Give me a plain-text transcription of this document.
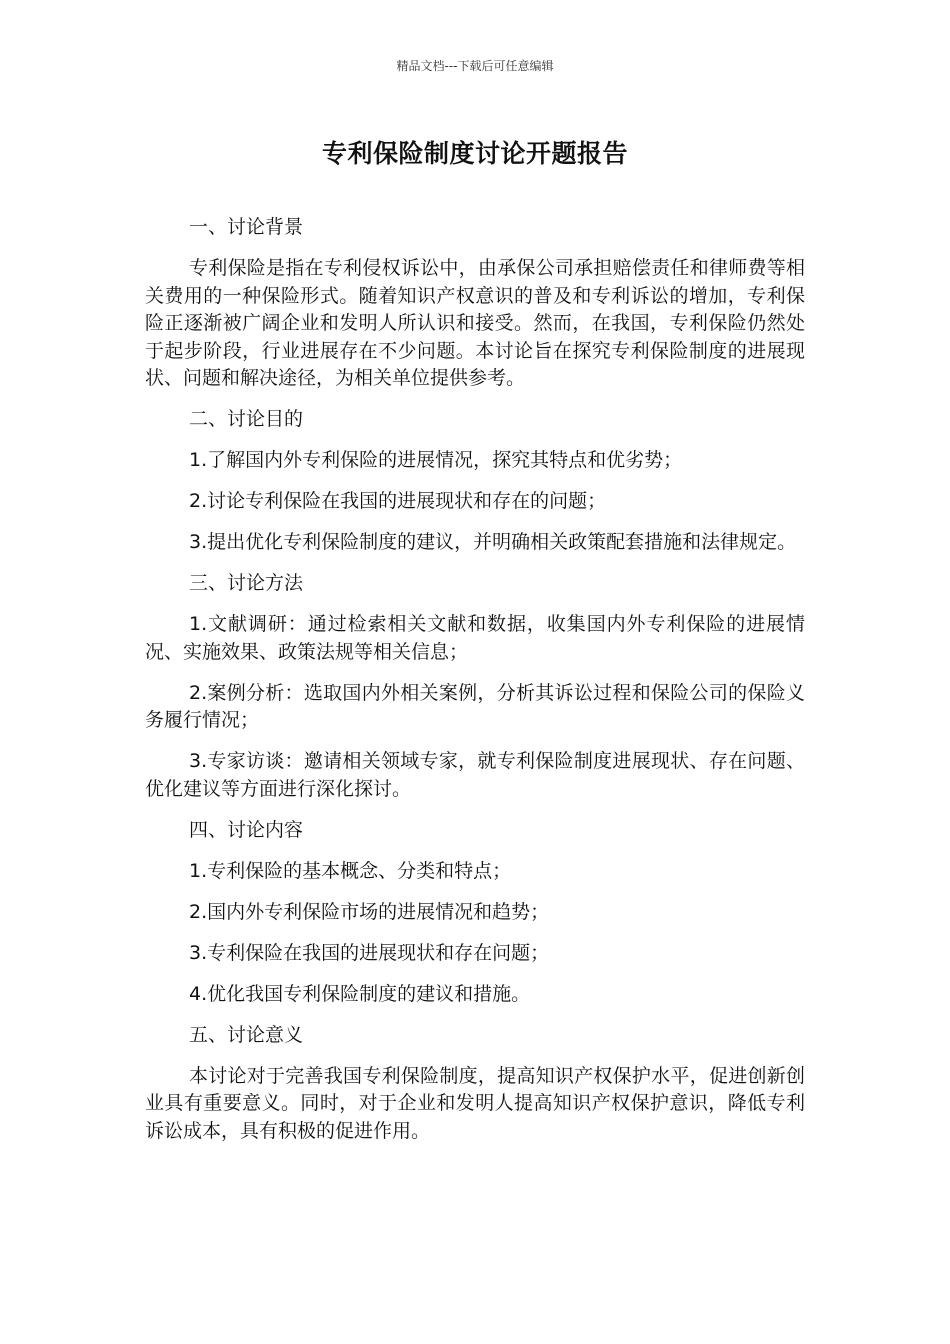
精品文档---下载后可任意编辑
专利保险制度讨论开题报告

一、讨论背景

专利保险是指在专利侵权诉讼中，由承保公司承担赔偿责任和律师费等相关费用的一种保险形式。随着知识产权意识的普及和专利诉讼的增加，专利保险正逐渐被广阔企业和发明人所认识和接受。然而，在我国，专利保险仍然处于起步阶段，行业进展存在不少问题。本讨论旨在探究专利保险制度的进展现状、问题和解决途径，为相关单位提供参考。

二、讨论目的

1.了解国内外专利保险的进展情况，探究其特点和优劣势；

2.讨论专利保险在我国的进展现状和存在的问题；

3.提出优化专利保险制度的建议，并明确相关政策配套措施和法律规定。

三、讨论方法

1.文献调研：通过检索相关文献和数据，收集国内外专利保险的进展情况、实施效果、政策法规等相关信息；

2.案例分析：选取国内外相关案例，分析其诉讼过程和保险公司的保险义务履行情况；

3.专家访谈：邀请相关领域专家，就专利保险制度进展现状、存在问题、优化建议等方面进行深化探讨。

四、讨论内容

1.专利保险的基本概念、分类和特点；

2.国内外专利保险市场的进展情况和趋势；

3.专利保险在我国的进展现状和存在问题；

4.优化我国专利保险制度的建议和措施。

五、讨论意义

本讨论对于完善我国专利保险制度，提高知识产权保护水平，促进创新创业具有重要意义。同时，对于企业和发明人提高知识产权保护意识，降低专利诉讼成本，具有积极的促进作用。
